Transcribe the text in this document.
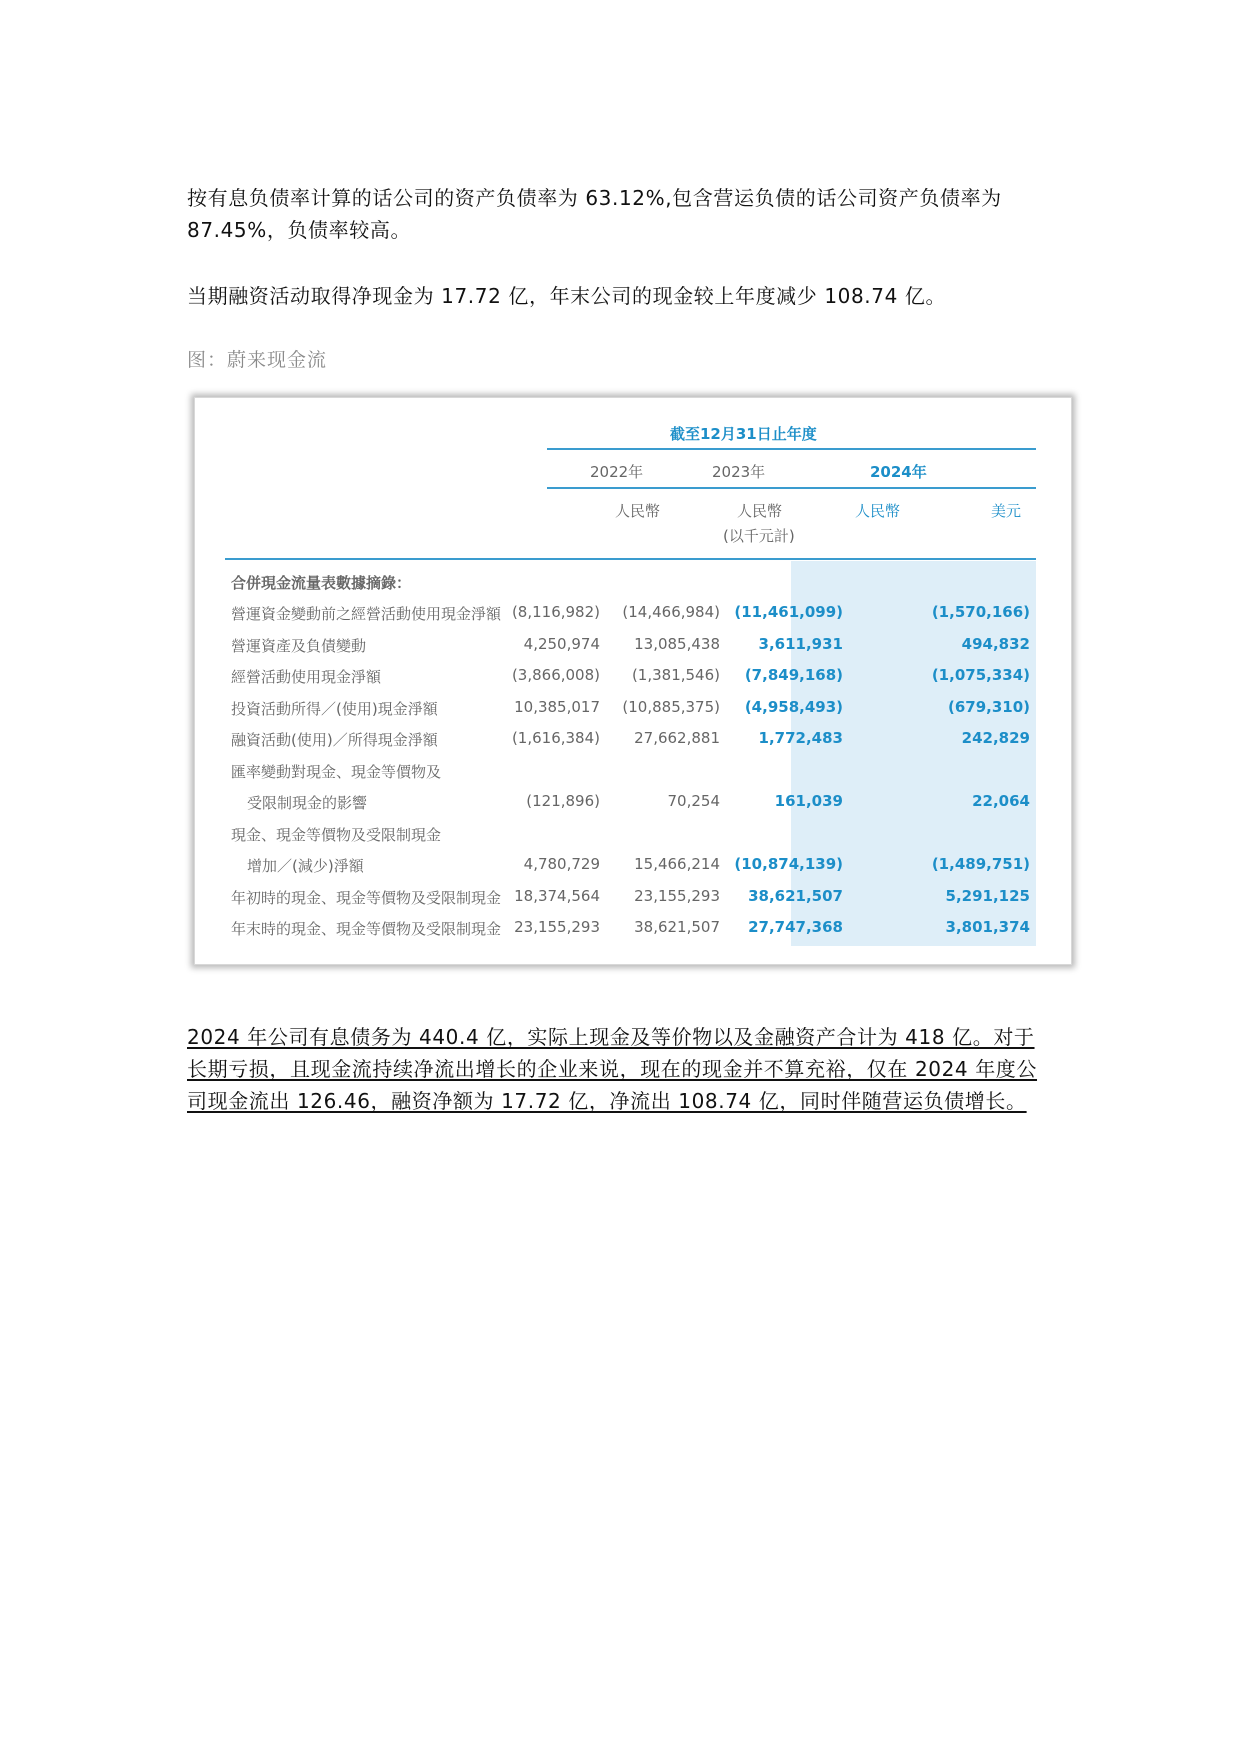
按有息负债率计算的话公司的资产负债率为 63.12%,包含营运负债的话公司资产负债率为 87.45%，负债率较高。

当期融资活动取得净现金为 17.72 亿，年末公司的现金较上年度减少 108.74 亿。

图：蔚来现金流
截至12月31日止年度
2022年	2023年	2024年
人民幣	人民幣	人民幣	美元
(以千元計)
合併現金流量表數據摘錄：
營運資金變動前之經營活動使用現金淨額 (8,116,982)	(14,466,984) (11,461,099)	(1,570,166)
營運資產及負債變動	4,250,974	13,085,438	3,611,931	494,832
經營活動使用現金淨額	(3,866,008)	(1,381,546)	(7,849,168)	(1,075,334)
投資活動所得／(使用)現金淨額	10,385,017	(10,885,375)	(4,958,493)	(679,310)
融資活動(使用)／所得現金淨額	(1,616,384)	27,662,881	1,772,483	242,829
匯率變動對現金、現金等價物及
受限制現金的影響	(121,896)	70,254	161,039	22,064
現金、現金等價物及受限制現金
增加／(減少)淨額	4,780,729	15,466,214 (10,874,139)	(1,489,751)
年初時的現金、現金等價物及受限制現金 18,374,564	23,155,293	38,621,507	5,291,125
年末時的現金、現金等價物及受限制現金 23,155,293	38,621,507	27,747,368	3,801,374

2024 年公司有息债务为 440.4 亿，实际上现金及等价物以及金融资产合计为 418 亿。对于长期亏损，且现金流持续净流出增长的企业来说，现在的现金并不算充裕，仅在 2024 年度公司现金流出 126.46，融资净额为 17.72 亿，净流出 108.74 亿，同时伴随营运负债增长。
